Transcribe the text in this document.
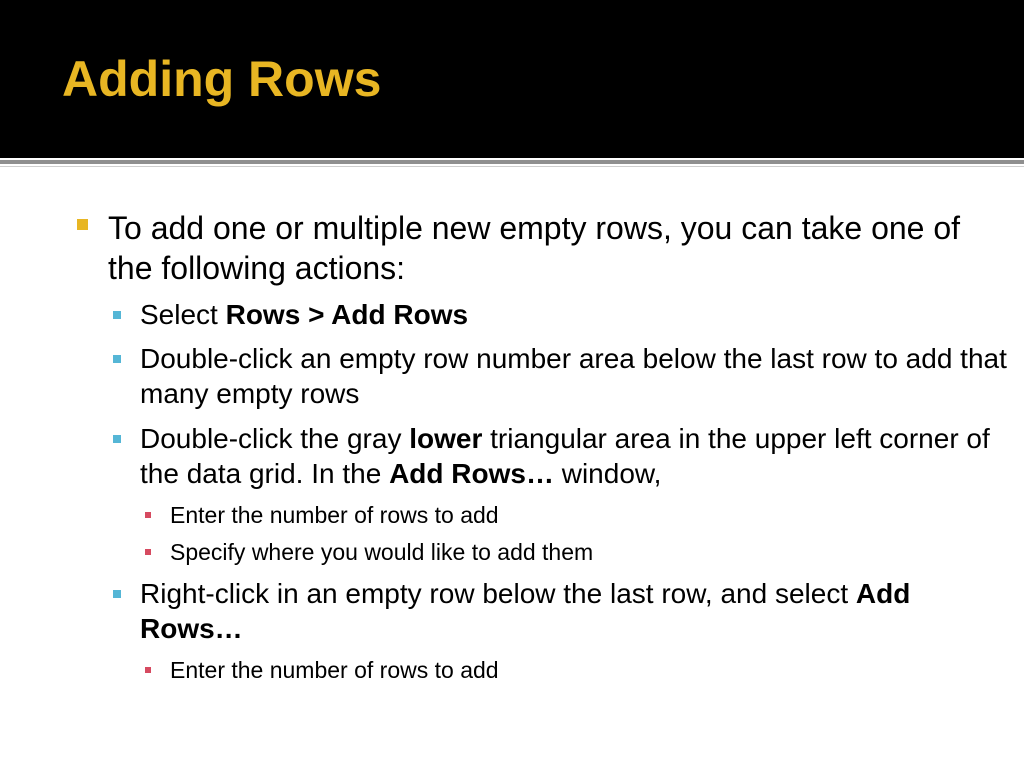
Adding Rows
To add one or multiple new empty rows, you can take one of the following actions:
Select Rows > Add Rows
Double-click an empty row number area below the last row to add that many empty rows
Double-click the gray lower triangular area in the upper left corner of the data grid. In the Add Rows… window,
Enter the number of rows to add
Specify where you would like to add them
Right-click in an empty row below the last row, and select Add Rows…
Enter the number of rows to add
